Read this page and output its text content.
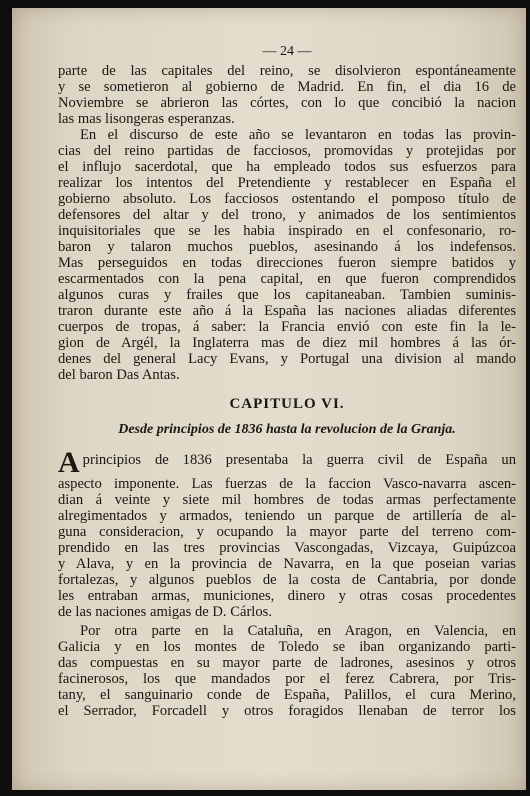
— 24 —
parte de las capitales del reino, se disolvieron espontáneamente
y se sometieron al gobierno de Madrid. En fin, el dia 16 de
Noviembre se abrieron las córtes, con lo que concibió la nacion
las mas lisongeras esperanzas.
En el discurso de este año se levantaron en todas las provin-
cias del reino partidas de facciosos, promovidas y protejidas por
el influjo sacerdotal, que ha empleado todos sus esfuerzos para
realizar los intentos del Pretendiente y restablecer en España el
gobierno absoluto. Los facciosos ostentando el pomposo título de
defensores del altar y del trono, y animados de los sentimientos
inquisitoriales que se les habia inspirado en el confesonario, ro-
baron y talaron muchos pueblos, asesinando á los indefensos.
Mas perseguidos en todas direcciones fueron siempre batidos y
escarmentados con la pena capital, en que fueron comprendidos
algunos curas y frailes que los capitaneaban. Tambien suminis-
traron durante este año á la España las naciones aliadas diferentes
cuerpos de tropas, á saber: la Francia envió con este fin la le-
gion de Argél, la Inglaterra mas de diez mil hombres á las ór-
denes del general Lacy Evans, y Portugal una division al mando
del baron Das Antas.
CAPITULO VI.
Desde principios de 1836 hasta la revolucion de la Granja.
Aprincipios de 1836 presentaba la guerra civil de España un
aspecto imponente. Las fuerzas de la faccion Vasco-navarra ascen-
dian á veinte y siete mil hombres de todas armas perfectamente
alregimentados y armados, teniendo un parque de artillería de al-
guna consideracion, y ocupando la mayor parte del terreno com-
prendido en las tres provincias Vascongadas, Vizcaya, Guipúzcoa
y Alava, y en la provincia de Navarra, en la que poseian varias
fortalezas, y algunos pueblos de la costa de Cantabria, por donde
les entraban armas, municiones, dinero y otras cosas procedentes
de las naciones amigas de D. Cárlos.
Por otra parte en la Cataluña, en Aragon, en Valencia, en
Galicia y en los montes de Toledo se iban organizando parti-
das compuestas en su mayor parte de ladrones, asesinos y otros
facinerosos, los que mandados por el ferez Cabrera, por Tris-
tany, el sanguinario conde de España, Palillos, el cura Merino,
el Serrador, Forcadell y otros foragidos llenaban de terror los
